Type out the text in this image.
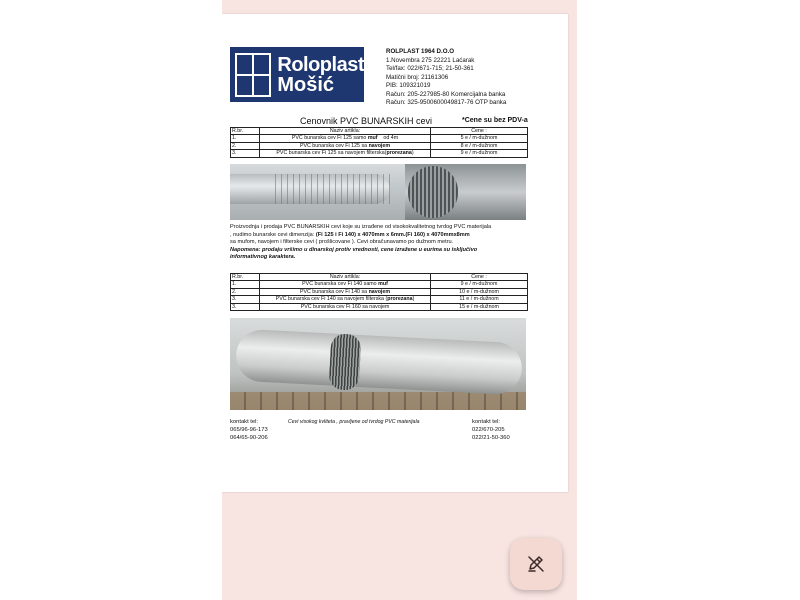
Roloplast
Mošić
ROLPLAST 1964 D.O.O
1.Novembra 275 22221 Laćarak
Tel/fax: 022/671-715; 21-50-361
Matični broj: 21161306
PIB: 109321019
Račun: 205-227985-80 Komercijalna banka
Račun: 325-9500600049817-76 OTP banka
Cenovnik PVC BUNARSKIH cevi	*Cene su bez PDV-a
R.br.	Naziv artikla:	Cene :
1.	PVC bunarska cev Fi 125 samo muf    od 4m	5 e / m-dužnom
2.	PVC bunarska cev Fi 125 sa navojem	8 e / m-dužnom
3.	PVC bunarska cev Fi 125 sa navojem filterska(prorezana)	9 e / m-dužnom
Proizvodnja i prodaja PVC BUNARSKIH cevi koje su izrađene od visokokvalitetnog tvrdog PVC materijala
, nudimo bunarske cevi dimenzija: (Fi 125 i Fi 140) x 4070mm x 6mm.(Fi 160) x 4070mmx8mm
sa mufom, navojem i filterske cevi ( prošlicovane ). Cevi obračunavamo po dužnom metru.
Napomena: prodaju vršimo u dinarskoj protiv vrednosti, cene izražene u eurima su isključivo
informativnog karaktera.
R.br.	Naziv artikla:	Cene :
1.	PVC bunarska cev Fi 140 samo muf	9 e / m-dužnom
2.	PVC bunarska cev Fi 140 sa navojem	10 e / m-dužnom
3.	PVC bunarska cev Fi 140 sa navojem filterska (prorezana)	11 e / m-dužnom
3.	PVC bunarska cev Fi 160 sa navojem	15 e / m-dužnom
kontakt tel:
065/96-96-173
064/65-90-206
Cevi visokog kvliteta , pravljene od tvrdog PVC materijala	kontakt tel:
022/670-205
022/21-50-360
